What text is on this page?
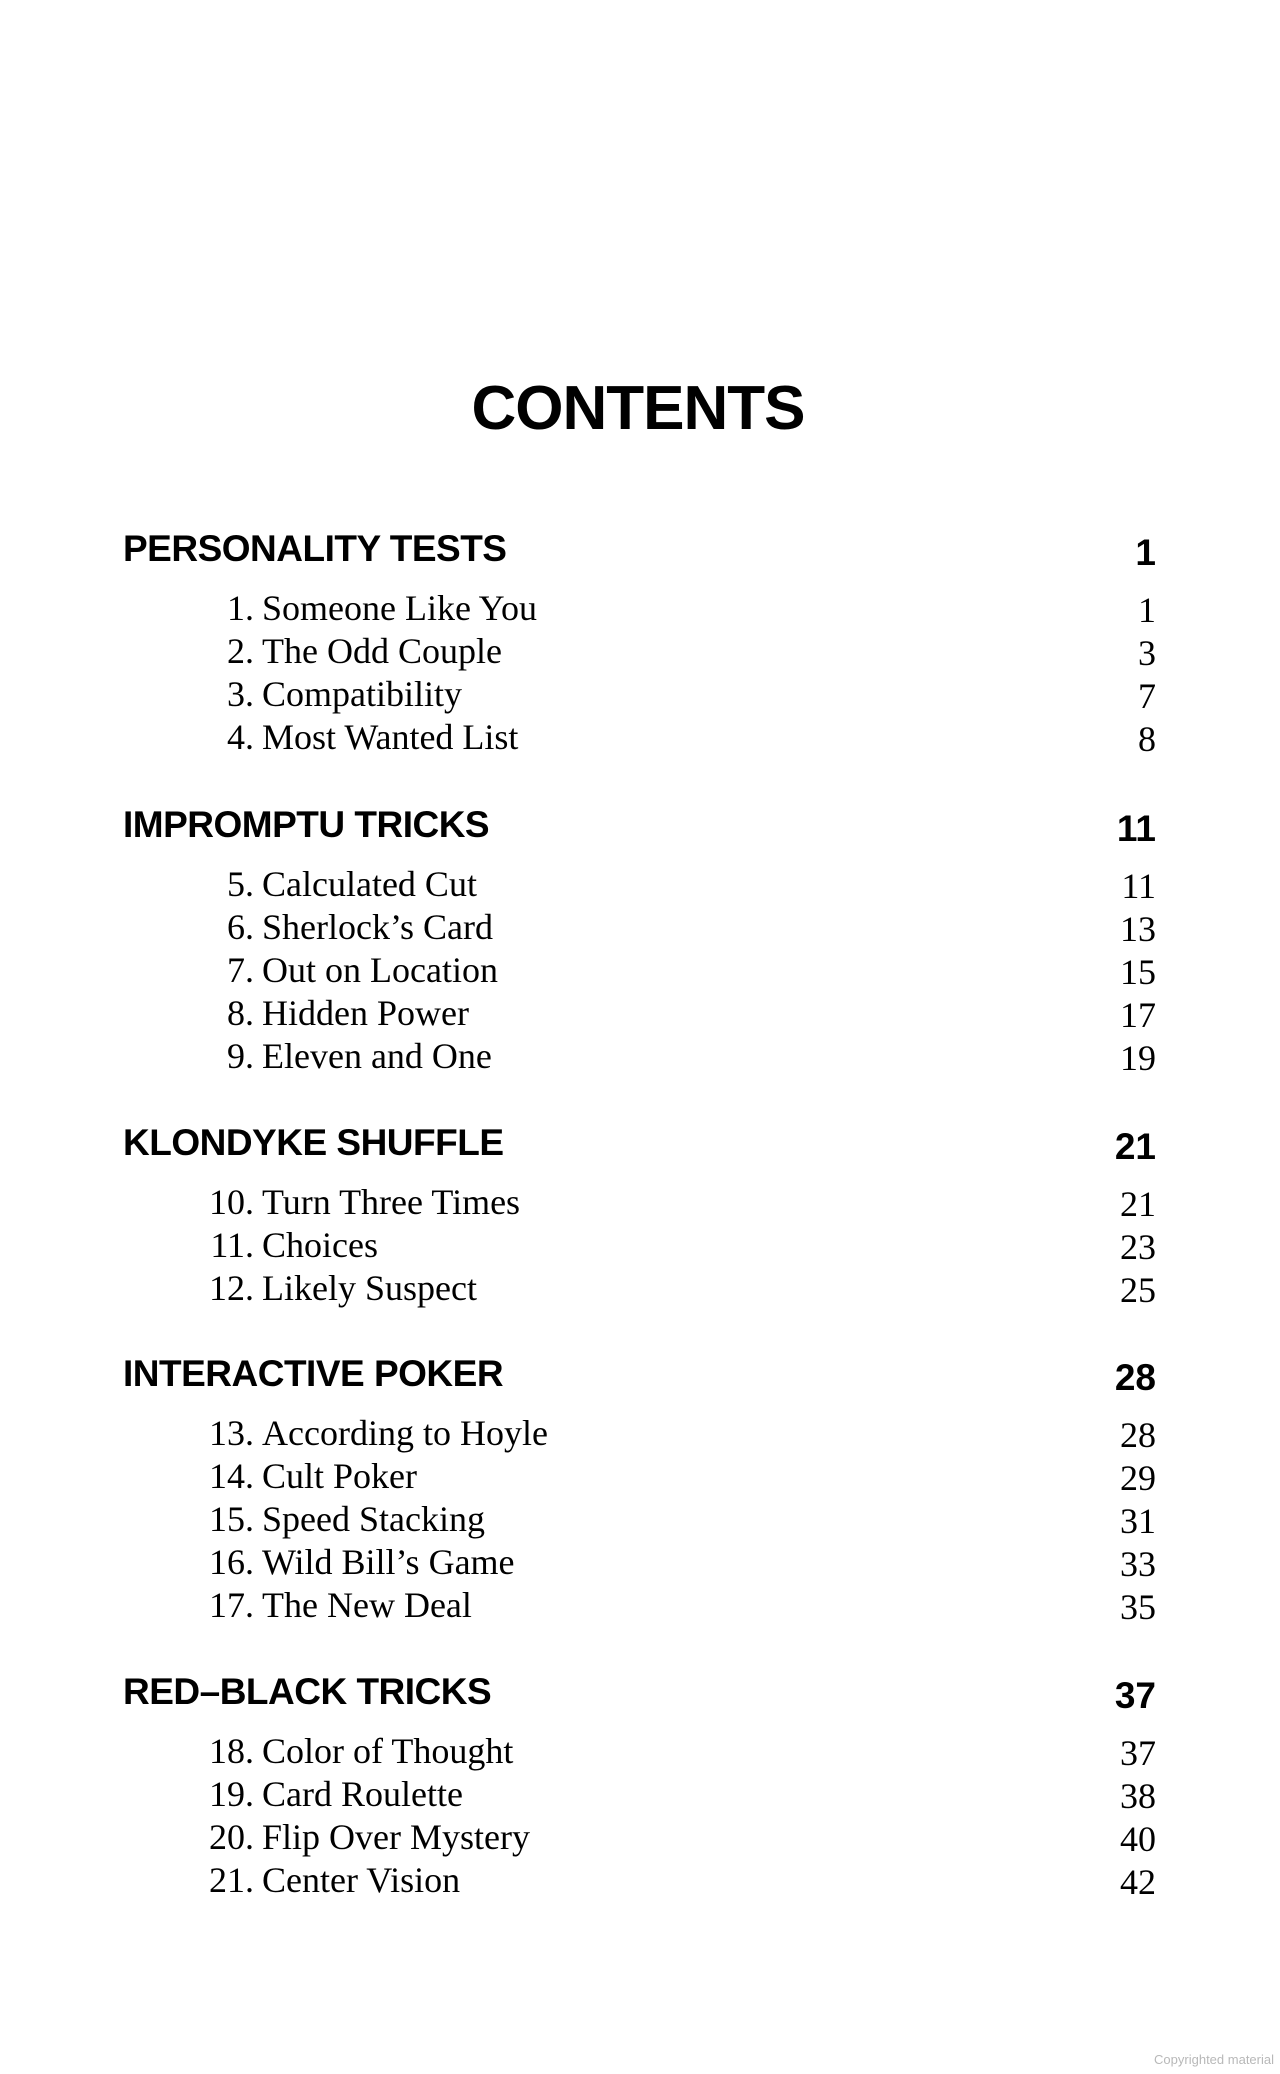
CONTENTS
PERSONALITY TESTS	1
1. Someone Like You	1
2. The Odd Couple	3
3. Compatibility	7
4. Most Wanted List	8
IMPROMPTU TRICKS	11
5. Calculated Cut	11
6. Sherlock’s Card	13
7. Out on Location	15
8. Hidden Power	17
9. Eleven and One	19
KLONDYKE SHUFFLE	21
10. Turn Three Times	21
11. Choices	23
12. Likely Suspect	25
INTERACTIVE POKER	28
13. According to Hoyle	28
14. Cult Poker	29
15. Speed Stacking	31
16. Wild Bill’s Game	33
17. The New Deal	35
RED–BLACK TRICKS	37
18. Color of Thought	37
19. Card Roulette	38
20. Flip Over Mystery	40
21. Center Vision	42
Copyrighted material
